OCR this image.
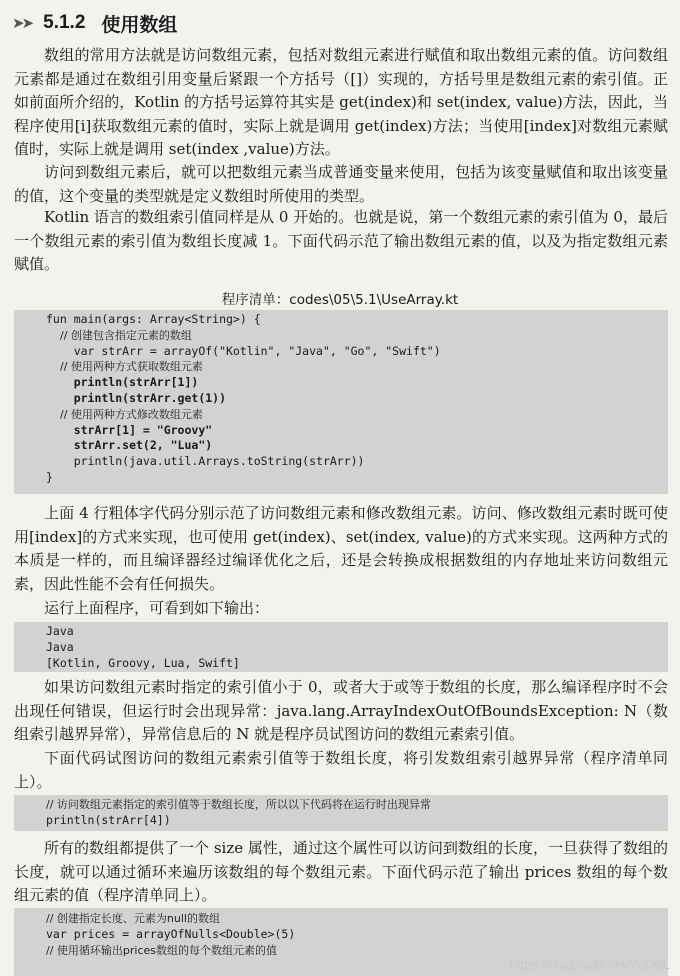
➤➤ 5.1.2 使用数组

数组的常用方法就是访问数组元素，包括对数组元素进行赋值和取出数组元素的值。访问数组元素都是通过在数组引用变量后紧跟一个方括号（[]）实现的，方括号里是数组元素的索引值。正如前面所介绍的，Kotlin 的方括号运算符其实是 get(index)和 set(index, value)方法，因此，当程序使用[i]获取数组元素的值时，实际上就是调用 get(index)方法；当使用[index]对数组元素赋值时，实际上就是调用 set(index ,value)方法。

访问到数组元素后，就可以把数组元素当成普通变量来使用，包括为该变量赋值和取出该变量的值，这个变量的类型就是定义数组时所使用的类型。

Kotlin 语言的数组索引值同样是从 0 开始的。也就是说，第一个数组元素的索引值为 0，最后一个数组元素的索引值为数组长度减 1。下面代码示范了输出数组元素的值，以及为指定数组元素赋值。

程序清单：codes\05\5.1\UseArray.kt
fun main(args: Array<String>) {
// 创建包含指定元素的数组
var strArr = arrayOf("Kotlin", "Java", "Go", "Swift")
// 使用两种方式获取数组元素
println(strArr[1])
println(strArr.get(1))
// 使用两种方式修改数组元素
strArr[1] = "Groovy"
strArr.set(2, "Lua")
println(java.util.Arrays.toString(strArr))
}

上面 4 行粗体字代码分别示范了访问数组元素和修改数组元素。访问、修改数组元素时既可使用[index]的方式来实现，也可使用 get(index)、set(index, value)的方式来实现。这两种方式的本质是一样的，而且编译器经过编译优化之后，还是会转换成根据数组的内存地址来访问数组元素，因此性能不会有任何损失。

运行上面程序，可看到如下输出：

Java
Java
[Kotlin, Groovy, Lua, Swift]

如果访问数组元素时指定的索引值小于 0，或者大于或等于数组的长度，那么编译程序时不会出现任何错误，但运行时会出现异常：java.lang.ArrayIndexOutOfBoundsException: N（数组索引越界异常），异常信息后的 N 就是程序员试图访问的数组元素索引值。

下面代码试图访问的数组元素索引值等于数组长度，将引发数组索引越界异常（程序清单同上）。

// 访问数组元素指定的索引值等于数组长度，所以以下代码将在运行时出现异常
println(strArr[4])

所有的数组都提供了一个 size 属性，通过这个属性可以访问到数组的长度，一旦获得了数组的长度，就可以通过循环来遍历该数组的每个数组元素。下面代码示范了输出 prices 数组的每个数组元素的值（程序清单同上）。

// 创建指定长度、元素为null的数组
var prices = arrayOfNulls<Double>(5)
// 使用循环输出prices数组的每个数组元素的值
https://blog.csdn.net/YuDBL
